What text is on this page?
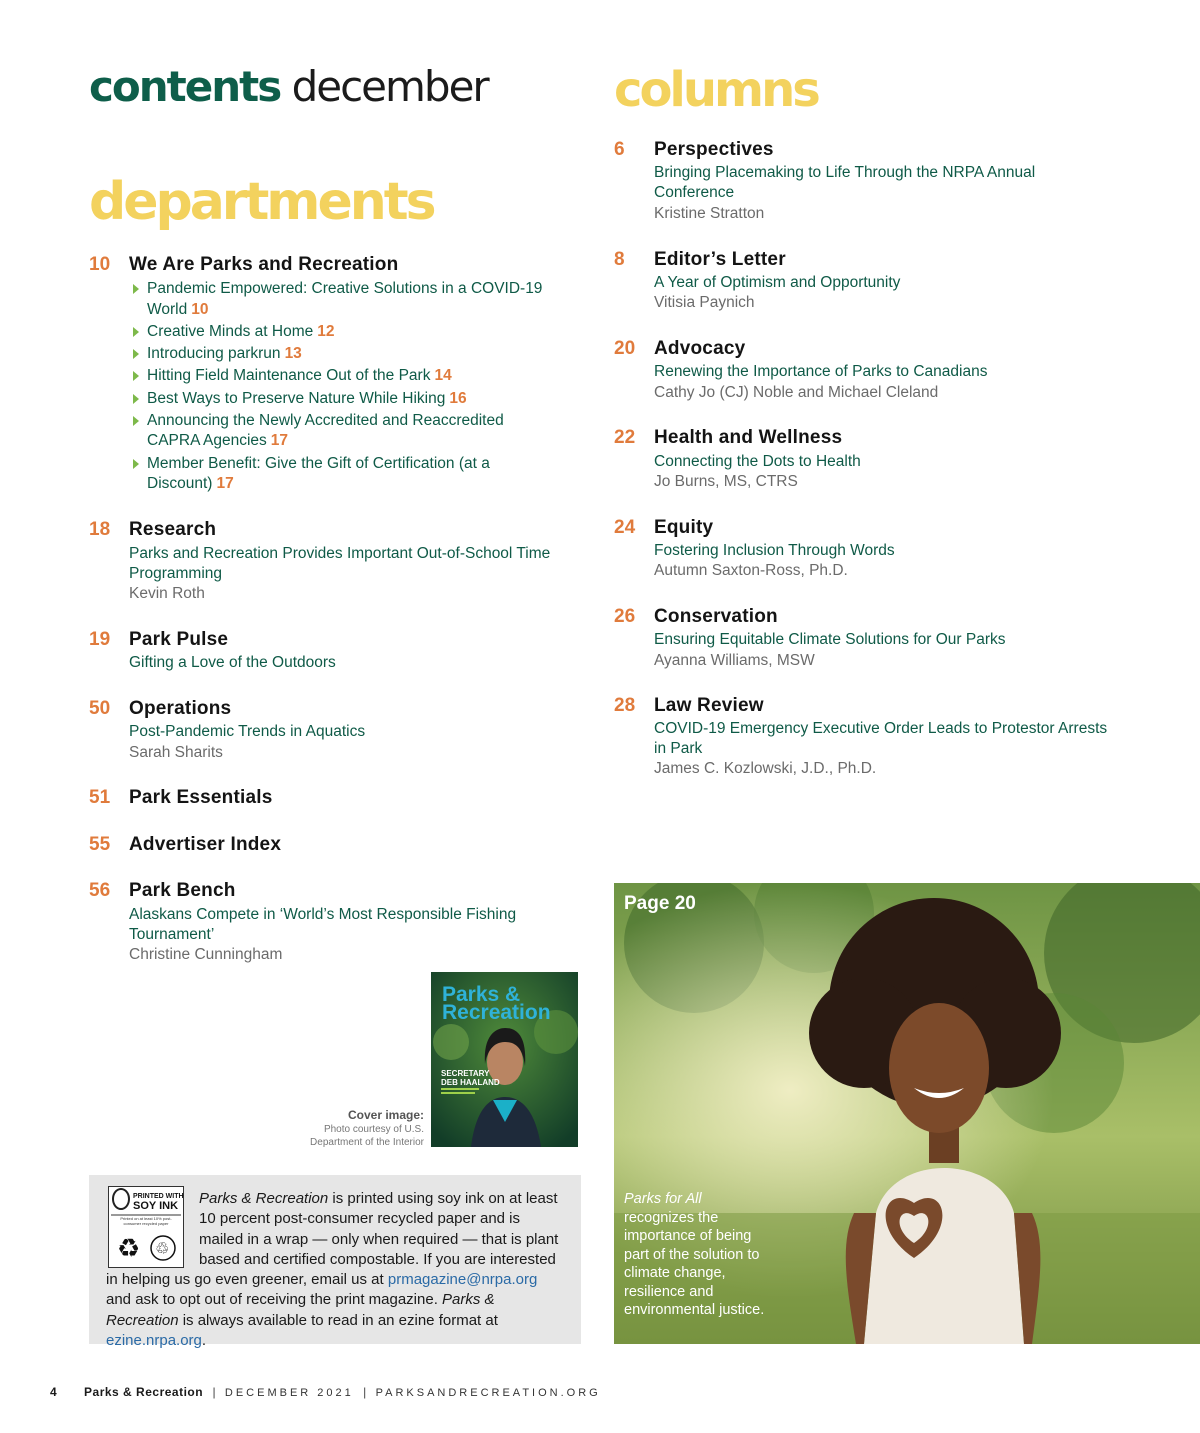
contents december
departments
10 We Are Parks and Recreation
Pandemic Empowered: Creative Solutions in a COVID-19 World 10
Creative Minds at Home 12
Introducing parkrun 13
Hitting Field Maintenance Out of the Park 14
Best Ways to Preserve Nature While Hiking 16
Announcing the Newly Accredited and Reaccredited CAPRA Agencies 17
Member Benefit: Give the Gift of Certification (at a Discount) 17
18 Research
Parks and Recreation Provides Important Out-of-School Time Programming
Kevin Roth
19 Park Pulse
Gifting a Love of the Outdoors
50 Operations
Post-Pandemic Trends in Aquatics
Sarah Sharits
51 Park Essentials
55 Advertiser Index
56 Park Bench
Alaskans Compete in ‘World’s Most Responsible Fishing Tournament’
Christine Cunningham
columns
6 Perspectives
Bringing Placemaking to Life Through the NRPA Annual Conference
Kristine Stratton
8 Editor’s Letter
A Year of Optimism and Opportunity
Vitisia Paynich
20 Advocacy
Renewing the Importance of Parks to Canadians
Cathy Jo (CJ) Noble and Michael Cleland
22 Health and Wellness
Connecting the Dots to Health
Jo Burns, MS, CTRS
24 Equity
Fostering Inclusion Through Words
Autumn Saxton-Ross, Ph.D.
26 Conservation
Ensuring Equitable Climate Solutions for Our Parks
Ayanna Williams, MSW
28 Law Review
COVID-19 Emergency Executive Order Leads to Protestor Arrests in Park
James C. Kozlowski, J.D., Ph.D.
Cover image:
Photo courtesy of U.S. Department of the Interior
Parks &
Recreation
SECRETARY
DEB HAALAND
PRINTED WITH
SOY INK
Printed on at least 10% post-consumer recycled paper
♻ ♲

Parks & Recreation is printed using soy ink on at least 10 percent post-consumer recycled paper and is mailed in a wrap — only when required — that is plant based and certified compostable. If you are interested in helping us go even greener, email us at prmagazine@nrpa.org and ask to opt out of receiving the print magazine. Parks & Recreation is always available to read in an ezine format at ezine.nrpa.org.

Page 20
Parks for All recognizes the importance of being part of the solution to climate change, resilience and environmental justice.
4 Parks & Recreation | DECEMBER 2021 | PARKSANDRECREATION.ORG
